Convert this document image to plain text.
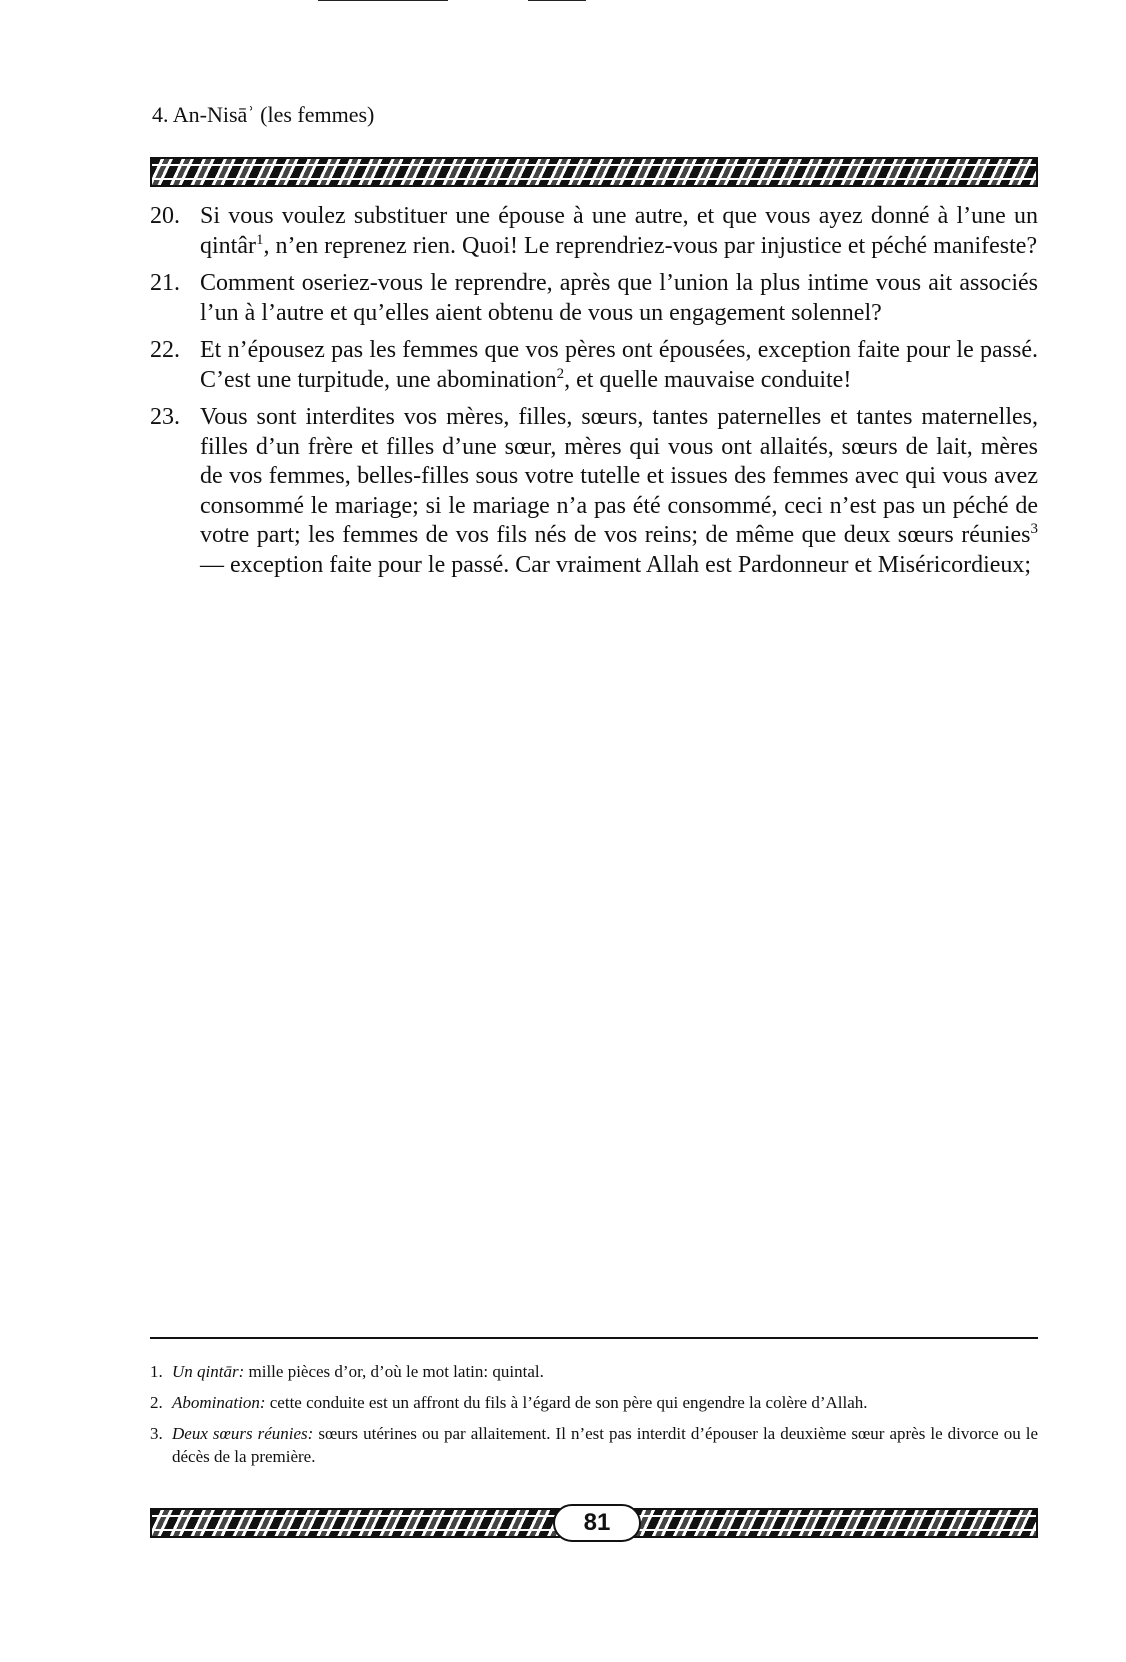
4. An-Nisāʾ (les femmes)
20. Si vous voulez substituer une épouse à une autre, et que vous ayez donné à l’une un qintâr$^1$, n’en reprenez rien. Quoi! Le reprendriez-vous par injustice et péché manifeste?
21. Comment oseriez-vous le reprendre, après que l’union la plus intime vous ait associés l’un à l’autre et qu’elles aient obtenu de vous un engagement solennel?
22. Et n’épousez pas les femmes que vos pères ont épousées, exception faite pour le passé. C’est une turpitude, une abomination$^2$, et quelle mauvaise conduite!
23. Vous sont interdites vos mères, filles, sœurs, tantes paternelles et tantes maternelles, filles d’un frère et filles d’une sœur, mères qui vous ont allaités, sœurs de lait, mères de vos femmes, belles-filles sous votre tutelle et issues des femmes avec qui vous avez consommé le mariage; si le mariage n’a pas été consommé, ceci n’est pas un péché de votre part; les femmes de vos fils nés de vos reins; de même que deux sœurs réunies$^3$ — exception faite pour le passé. Car vraiment Allah est Pardonneur et Miséricordieux;
1. Un qintār: mille pièces d’or, d’où le mot latin: quintal.
2. Abomination: cette conduite est un affront du fils à l’égard de son père qui engendre la colère d’Allah.
3. Deux sœurs réunies: sœurs utérines ou par allaitement. Il n’est pas interdit d’épouser la deuxième sœur après le divorce ou le décès de la première.
81
